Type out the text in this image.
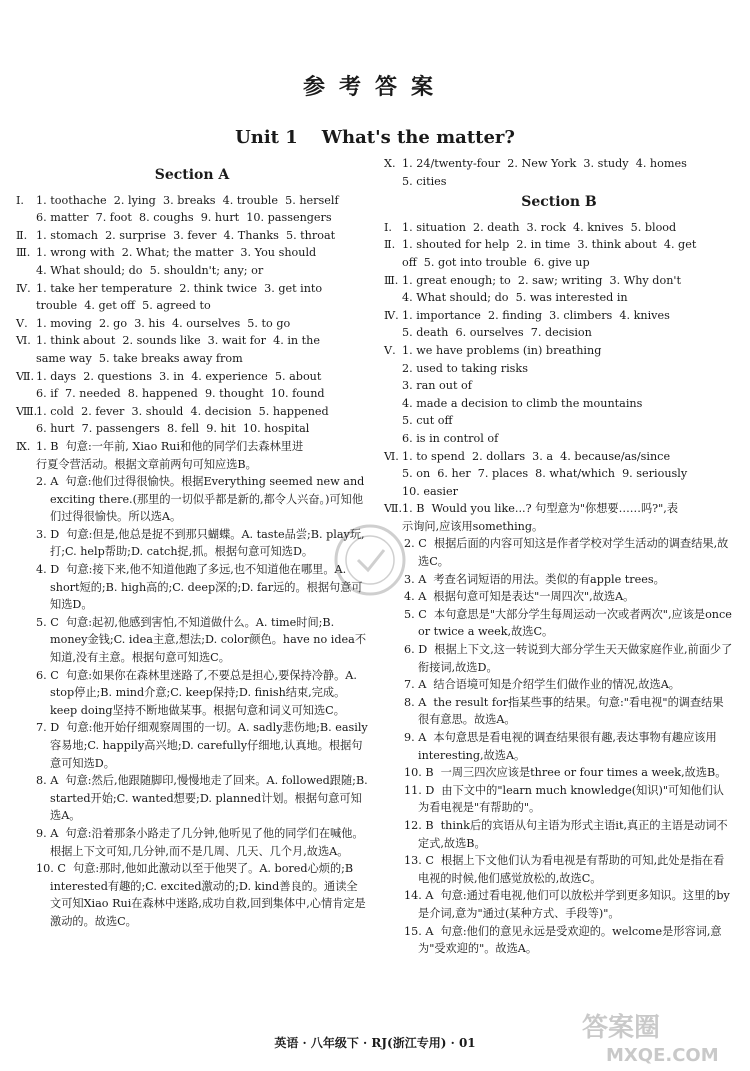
参考答案
Unit 1 What's the matter?
Section A
Ⅰ.	1. toothache  2. lying  3. breaks  4. trouble  5. herself
6. matter  7. foot  8. coughs  9. hurt  10. passengers
Ⅱ. 1. stomach  2. surprise  3. fever  4. Thanks  5. throat
Ⅲ. 1. wrong with  2. What; the matter  3. You should
4. What should; do  5. shouldn't; any; or
Ⅳ. 1. take her temperature  2. think twice  3. get into
trouble  4. get off  5. agreed to
Ⅴ. 1. moving  2. go  3. his  4. ourselves  5. to go
Ⅵ. 1. think about  2. sounds like  3. wait for  4. in the
same way  5. take breaks away from
Ⅶ. 1. days  2. questions  3. in  4. experience  5. about
6. if  7. needed  8. happened  9. thought  10. found
Ⅷ.
1. cold  2. fever  3. should  4. decision  5. happened
6. hurt  7. passengers  8. fell  9. hit  10. hospital
Ⅸ. 1. B  句意:一年前, Xiao Rui和他的同学们去森林里进
行夏令营活动。根据文章前两句可知应选B。
2. A  句意:他们过得很愉快。根据Everything seemed new and exciting there.(那里的一切似乎都是新的,都令人兴奋。)可知他们过得很愉快。所以选A。
3. D  句意:但是,他总是捉不到那只蝴蝶。A. taste品尝;B. play玩,打;C. help帮助;D. catch捉,抓。根据句意可知选D。
4. D  句意:接下来,他不知道他跑了多远,也不知道他在哪里。A. short短的;B. high高的;C. deep深的;D. far远的。根据句意可知选D。
5. C  句意:起初,他感到害怕,不知道做什么。A. time时间;B. money金钱;C. idea主意,想法;D. color颜色。have no idea不知道,没有主意。根据句意可知选C。
6. C  句意:如果你在森林里迷路了,不要总是担心,要保持冷静。A. stop停止;B. mind介意;C. keep保持;D. finish结束,完成。keep doing坚持不断地做某事。根据句意和词义可知选C。
7. D  句意:他开始仔细观察周围的一切。A. sadly悲伤地;B. easily容易地;C. happily高兴地;D. carefully仔细地,认真地。根据句意可知选D。
8. A  句意:然后,他跟随脚印,慢慢地走了回来。A. followed跟随;B. started开始;C. wanted想要;D. planned计划。根据句意可知选A。
9. A  句意:沿着那条小路走了几分钟,他听见了他的同学们在喊他。根据上下文可知,几分钟,而不是几周、几天、几个月,故选A。
10. C  句意:那时,他如此激动以至于他哭了。A. bored心烦的;B interested有趣的;C. excited激动的;D. kind善良的。通读全文可知Xiao Rui在森林中迷路,成功自救,回到集体中,心情肯定是激动的。故选C。
Ⅹ. 1. 24/twenty-four  2. New York  3. study  4. homes
5. cities
Section B
Ⅰ. 1. situation  2. death  3. rock  4. knives  5. blood
Ⅱ. 1. shouted for help  2. in time  3. think about  4. get
off  5. got into trouble  6. give up
Ⅲ. 1. great enough; to  2. saw; writing  3. Why don't
4. What should; do  5. was interested in
Ⅳ. 1. importance  2. finding  3. climbers  4. knives
5. death  6. ourselves  7. decision
Ⅴ. 1. we have problems (in) breathing
2. used to taking risks
3. ran out of
4. made a decision to climb the mountains
5. cut off
6. is in control of
Ⅵ. 1. to spend  2. dollars  3. a  4. because/as/since
5. on  6. her  7. places  8. what/which  9. seriously
10. easier
Ⅶ. 1. B  Would you like...? 句型意为"你想要……吗?",表
示询问,应该用something。
2. C  根据后面的内容可知这是作者学校对学生活动的调查结果,故选C。
3. A  考查名词短语的用法。类似的有apple trees。
4. A  根据句意可知是表达"一周四次",故选A。
5. C  本句意思是"大部分学生每周运动一次或者两次",应该是once or twice a week,故选C。
6. D  根据上下文,这一转说到大部分学生天天做家庭作业,前面少了衔接词,故选D。
7. A  结合语境可知是介绍学生们做作业的情况,故选A。
8. A  the result for指某些事的结果。句意:"看电视"的调查结果很有意思。故选A。
9. A  本句意思是看电视的调查结果很有趣,表达事物有趣应该用interesting,故选A。
10. B  一周三四次应该是three or four times a week,故选B。
11. D  由下文中的"learn much knowledge(知识)"可知他们认为看电视是"有帮助的"。
12. B  think后的宾语从句主语为形式主语it,真正的主语是动词不定式,故选B。
13. C  根据上下文他们认为看电视是有帮助的可知,此处是指在看电视的时候,他们感觉放松的,故选C。
14. A  句意:通过看电视,他们可以放松并学到更多知识。这里的by是介词,意为"通过(某种方式、手段等)"。
15. A  句意:他们的意见永远是受欢迎的。welcome是形容词,意为"受欢迎的"。故选A。
英语 · 八年级下 · RJ(浙江专用) · 01	答案圈
MXQE.COM
